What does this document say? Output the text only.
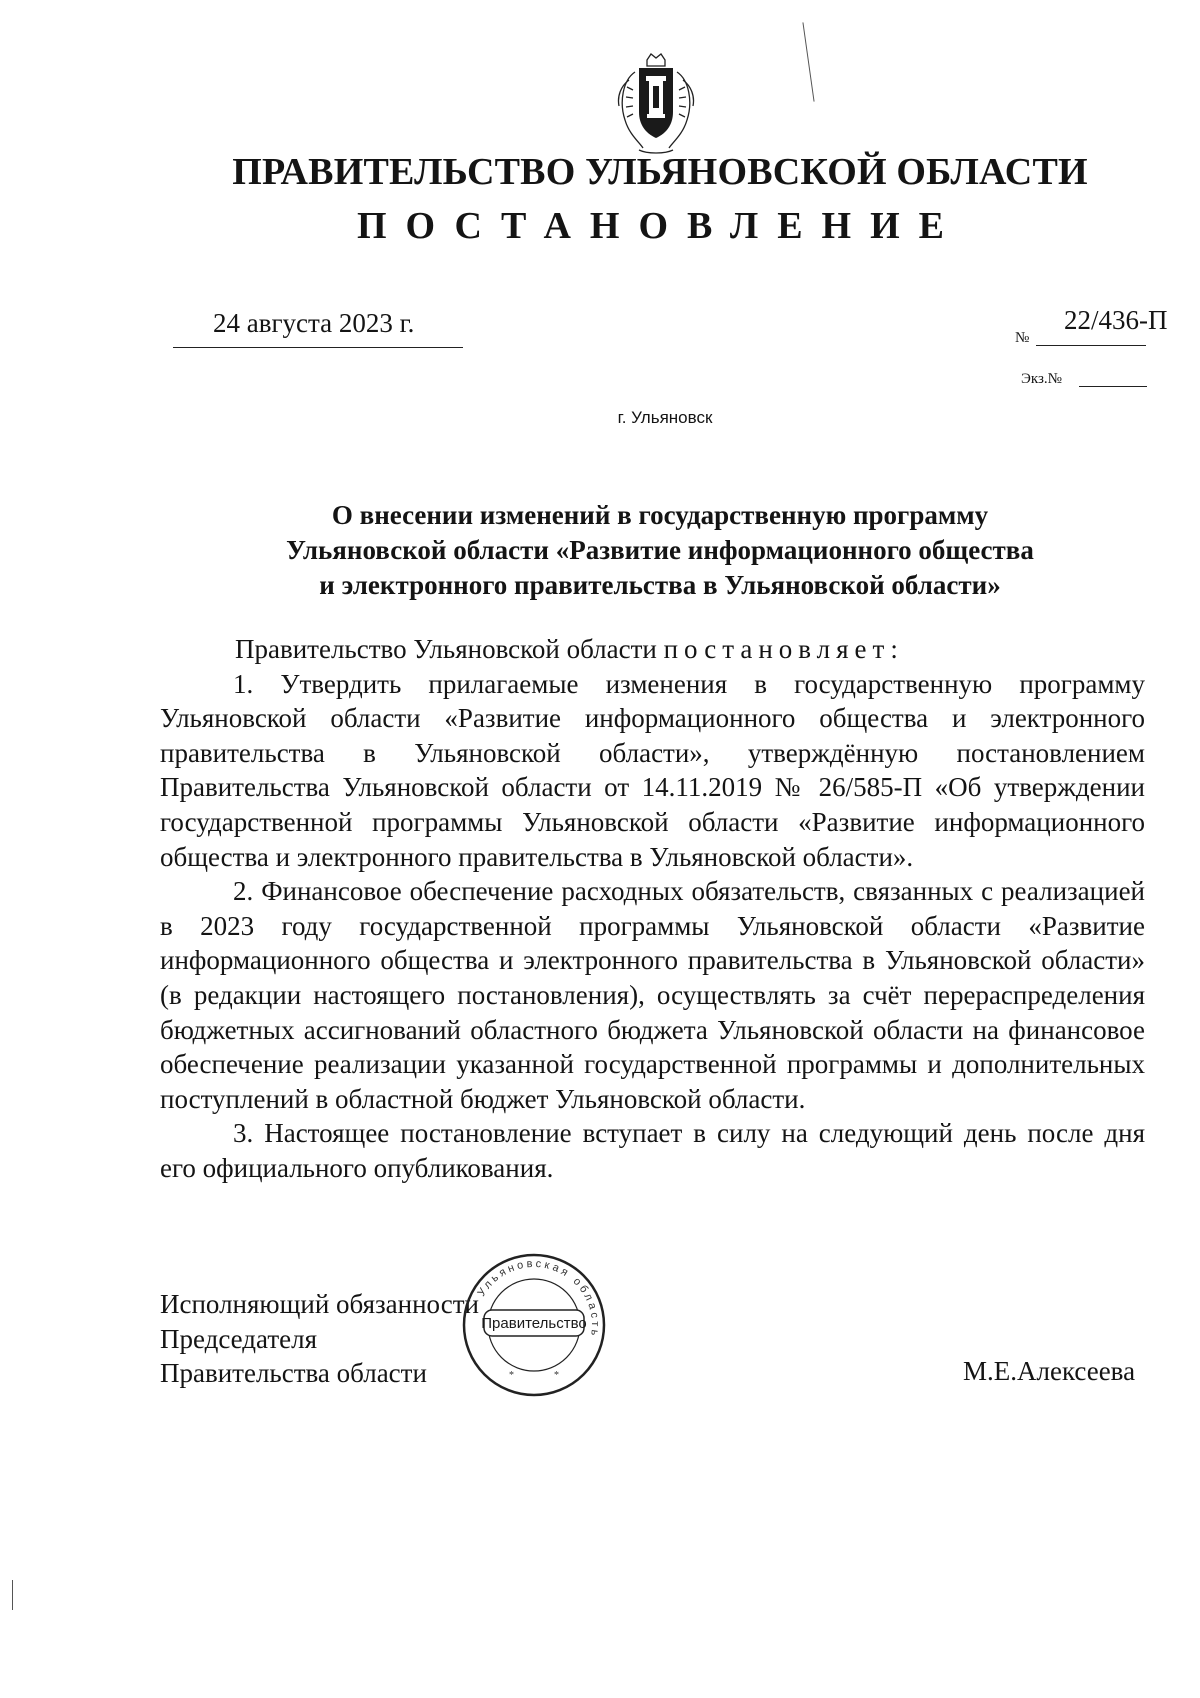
ПРАВИТЕЛЬСТВО УЛЬЯНОВСКОЙ ОБЛАСТИ
ПОСТАНОВЛЕНИЕ
24 августа 2023 г.	№
22/436-П
Экз.№
г. Ульяновск
О внесении изменений в государственную программу
Ульяновской области «Развитие информационного общества
и электронного правительства в Ульяновской области»

Правительство Ульяновской области постановляет:

1. Утвердить прилагаемые изменения в государственную программу Ульяновской области «Развитие информационного общества и электронного правительства в Ульяновской области», утверждённую постановлением Правительства Ульяновской области от 14.11.2019 № 26/585-П «Об утверждении государственной программы Ульяновской области «Развитие информационного общества и электронного правительства в Ульяновской области».

2. Финансовое обеспечение расходных обязательств, связанных с реализацией в 2023 году государственной программы Ульяновской области «Развитие информационного общества и электронного правительства в Ульяновской области» (в редакции настоящего постановления), осуществлять за счёт перераспределения бюджетных ассигнований областного бюджета Ульяновской области на финансовое обеспечение реализации указанной государственной программы и дополнительных поступлений в областной бюджет Ульяновской области.

3. Настоящее постановление вступает в силу на следующий день после дня его официального опубликования.

Исполняющий обязанности
Председателя
Правительства области
Правительство
Ульяновская область
*	*	М.Е.Алексеева
